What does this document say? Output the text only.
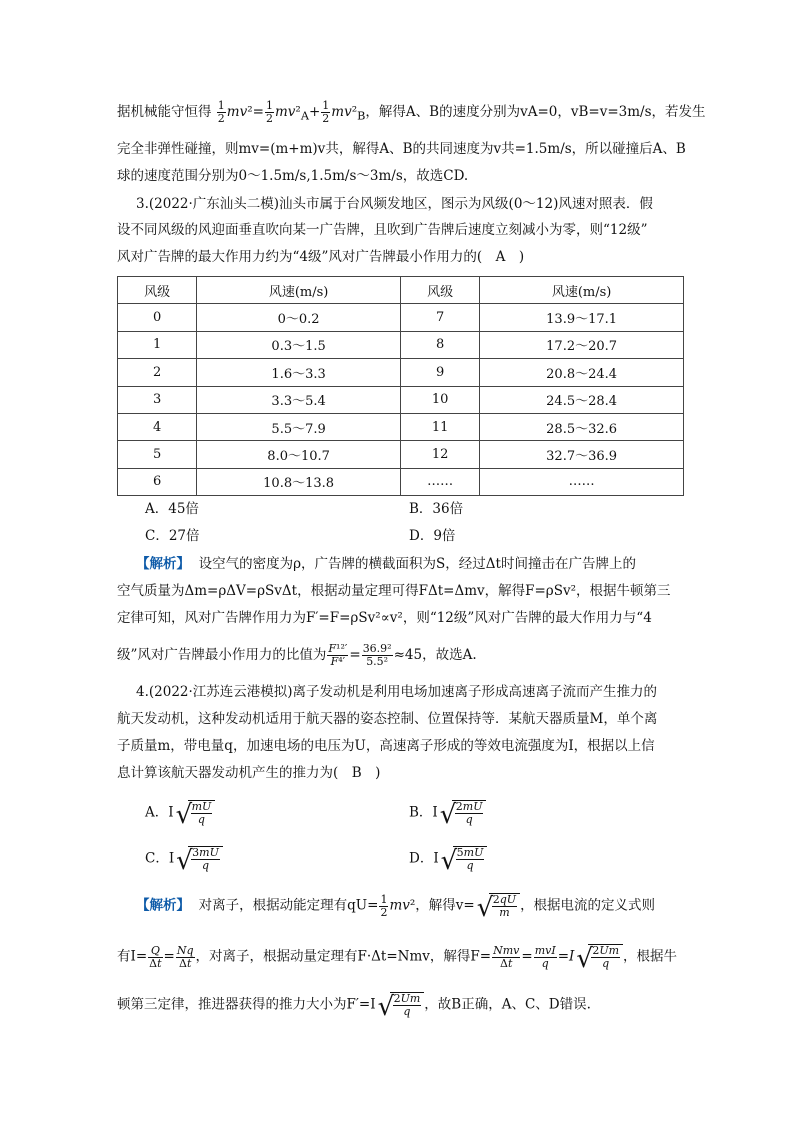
据机械能守恒得 $\frac{1}{2} mv^2= \frac{1}{2} mv^2_A+ \frac{1}{2} mv^2_B$，解得A、B的速度分别为vA=0，vB=v=3m/s，若发生
完全非弹性碰撞，则mv=(m+m)v共，解得A、B的共同速度为v共=1.5m/s，所以碰撞后A、B
球的速度范围分别为0～1.5m/s,1.5m/s～3m/s，故选CD.
3.(2022·广东汕头二模)汕头市属于台风频发地区，图示为风级(0～12)风速对照表．假
设不同风级的风迎面垂直吹向某一广告牌，且吹到广告牌后速度立刻减小为零，则“12级”
风对广告牌的最大作用力约为“4级”风对广告牌最小作用力的(　A　)
风级	风速(m/s)	风级	风速(m/s)
0	0～0.2	7	13.9～17.1
1	0.3～1.5	8	17.2～20.7
2	1.6～3.3	9	20.8～24.4
3	3.3～5.4	10	24.5～28.4
4	5.5～7.9	11	28.5～32.6
5	8.0～10.7	12	32.7～36.9
6	10.8～13.8	……	……
A．45倍	B．36倍
C．27倍	D．9倍
【解析】 设空气的密度为ρ，广告牌的横截面积为S，经过Δt时间撞击在广告牌上的
空气质量为Δm=ρΔV=ρSvΔt，根据动量定理可得FΔt=Δmv，解得F=ρSv²，根据牛顿第三
定律可知，风对广告牌作用力为F′=F=ρSv²∝v²，则“12级”风对广告牌的最大作用力与“4
级”风对广告牌最小作用力的比值为 $\frac{\text{F¹²′}}{\text{F⁴′}} = \frac{\text{36.9²}}{\text{5.5²}} \approx 45$，故选A.
4.(2022·江苏连云港模拟)离子发动机是利用电场加速离子形成高速离子流而产生推力的
航天发动机，这种发动机适用于航天器的姿态控制、位置保持等．某航天器质量M，单个离
子质量m，带电量q，加速电场的电压为U，高速离子形成的等效电流强度为I，根据以上信
息计算该航天器发动机产生的推力为(　B　)
A．I √
$\frac{mU}{q}$	B．I √
$\frac{2mU}{q}$
C．I √
$\frac{3mU}{q}$	D．I √
$\frac{5mU}{q}$
【解析】 对离子，根据动能定理有$qU= \frac{1}{2} mv^2$，解得v= √
$\frac{2qU}{m}$ ，根据电流的定义式则
有$I= \frac{Q}{\Delta t} = \frac{Nq}{\Delta t}$ ，对离子，根据动量定理有F·Δt=Nmv，解得$F= \frac{\text{Nmv}}{\Delta t} = \frac{\text{mvI}}{q} =I$ √
$\frac{2Um}{q}$ ，根据牛
顿第三定律，推进器获得的推力大小为F′=I √
$\frac{2Um}{q}$ ，故B正确，A、C、D错误.
